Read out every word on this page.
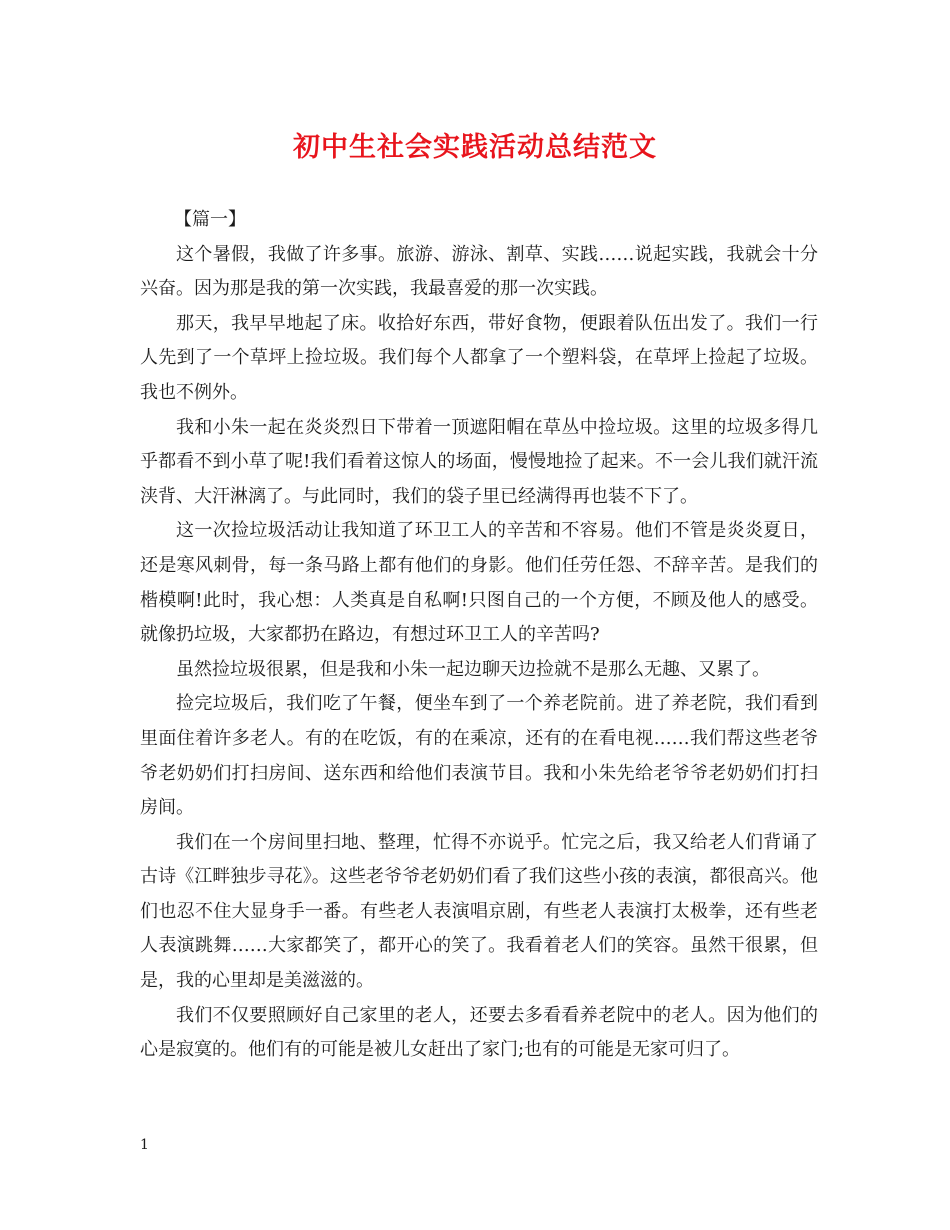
初中生社会实践活动总结范文

【篇一】

这个暑假，我做了许多事。旅游、游泳、割草、实践……说起实践，我就会十分兴奋。因为那是我的第一次实践，我最喜爱的那一次实践。

那天，我早早地起了床。收拾好东西，带好食物，便跟着队伍出发了。我们一行人先到了一个草坪上捡垃圾。我们每个人都拿了一个塑料袋，在草坪上捡起了垃圾。我也不例外。

我和小朱一起在炎炎烈日下带着一顶遮阳帽在草丛中捡垃圾。这里的垃圾多得几乎都看不到小草了呢!我们看着这惊人的场面，慢慢地捡了起来。不一会儿我们就汗流浃背、大汗淋漓了。与此同时，我们的袋子里已经满得再也装不下了。

这一次捡垃圾活动让我知道了环卫工人的辛苦和不容易。他们不管是炎炎夏日，还是寒风刺骨，每一条马路上都有他们的身影。他们任劳任怨、不辞辛苦。是我们的楷模啊!此时，我心想：人类真是自私啊!只图自己的一个方便，不顾及他人的感受。就像扔垃圾，大家都扔在路边，有想过环卫工人的辛苦吗?

虽然捡垃圾很累，但是我和小朱一起边聊天边捡就不是那么无趣、又累了。

捡完垃圾后，我们吃了午餐，便坐车到了一个养老院前。进了养老院，我们看到里面住着许多老人。有的在吃饭，有的在乘凉，还有的在看电视……我们帮这些老爷爷老奶奶们打扫房间、送东西和给他们表演节目。我和小朱先给老爷爷老奶奶们打扫房间。

我们在一个房间里扫地、整理，忙得不亦说乎。忙完之后，我又给老人们背诵了古诗《江畔独步寻花》。这些老爷爷老奶奶们看了我们这些小孩的表演，都很高兴。他们也忍不住大显身手一番。有些老人表演唱京剧，有些老人表演打太极拳，还有些老人表演跳舞……大家都笑了，都开心的笑了。我看着老人们的笑容。虽然干很累，但是，我的心里却是美滋滋的。

我们不仅要照顾好自己家里的老人，还要去多看看养老院中的老人。因为他们的心是寂寞的。他们有的可能是被儿女赶出了家门;也有的可能是无家可归了。

1
